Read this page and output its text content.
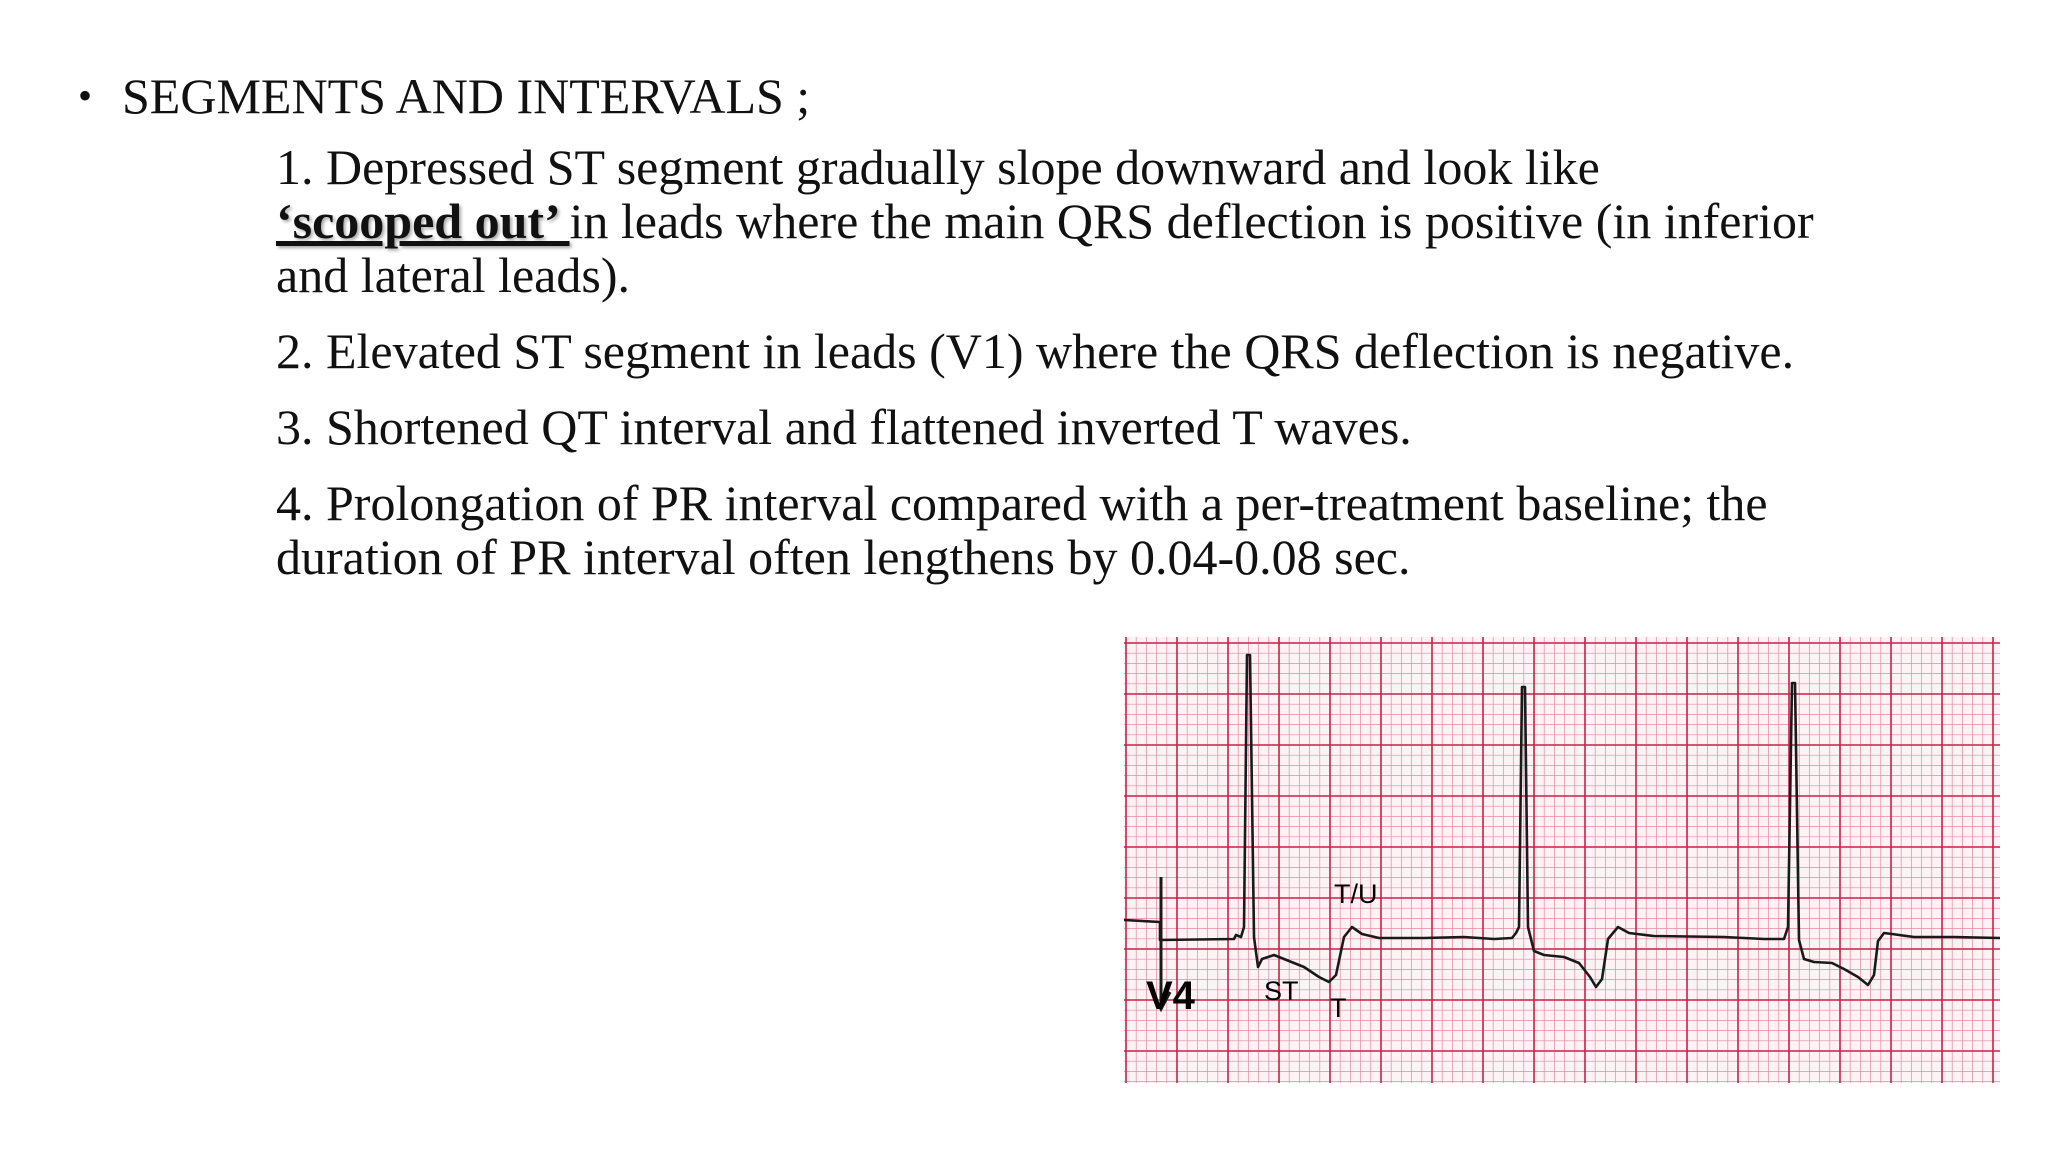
• SEGMENTS AND INTERVALS ;
1. Depressed ST segment gradually slope downward and look like
‘scooped out’ in leads where the main QRS deflection is positive (in inferior
and lateral leads).
2. Elevated ST segment in leads (V1) where the QRS deflection is negative.
3. Shortened QT interval and flattened inverted T waves.
4. Prolongation of PR interval compared with a per-treatment baseline; the
duration of PR interval often lengthens by 0.04-0.08 sec.
V4
T/U
ST
T
